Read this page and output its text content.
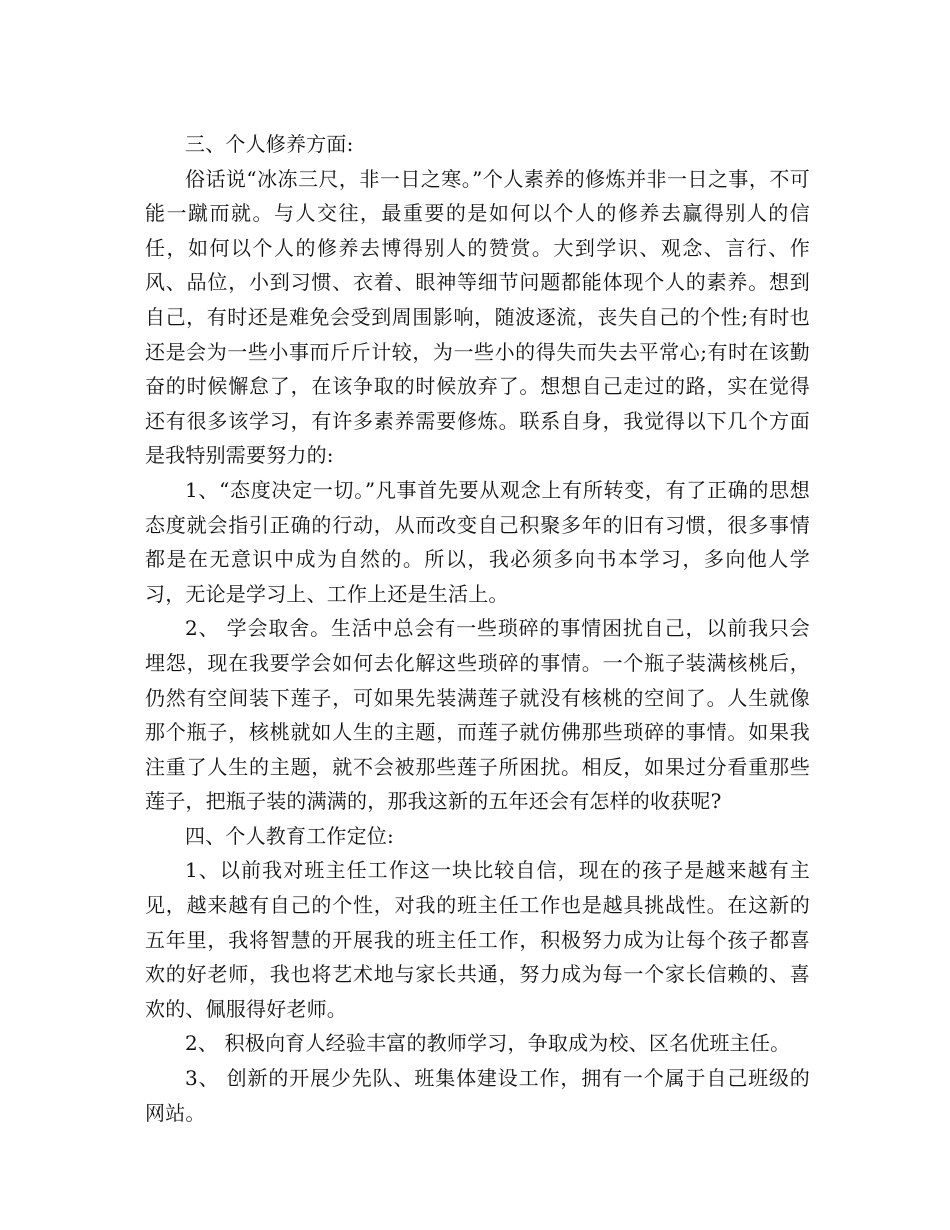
三、个人修养方面:

俗话说“冰冻三尺，非一日之寒。”个人素养的修炼并非一日之事，不可能一蹴而就。与人交往，最重要的是如何以个人的修养去赢得别人的信任，如何以个人的修养去博得别人的赞赏。大到学识、观念、言行、作风、品位，小到习惯、衣着、眼神等细节问题都能体现个人的素养。想到自己，有时还是难免会受到周围影响，随波逐流，丧失自己的个性;有时也还是会为一些小事而斤斤计较，为一些小的得失而失去平常心;有时在该勤奋的时候懈怠了，在该争取的时候放弃了。想想自己走过的路，实在觉得还有很多该学习，有许多素养需要修炼。联系自身，我觉得以下几个方面是我特别需要努力的:

1、“态度决定一切。”凡事首先要从观念上有所转变，有了正确的思想态度就会指引正确的行动，从而改变自己积聚多年的旧有习惯，很多事情都是在无意识中成为自然的。所以，我必须多向书本学习，多向他人学习，无论是学习上、工作上还是生活上。

2、 学会取舍。生活中总会有一些琐碎的事情困扰自己，以前我只会埋怨，现在我要学会如何去化解这些琐碎的事情。一个瓶子装满核桃后，仍然有空间装下莲子，可如果先装满莲子就没有核桃的空间了。人生就像那个瓶子，核桃就如人生的主题，而莲子就仿佛那些琐碎的事情。如果我注重了人生的主题，就不会被那些莲子所困扰。相反，如果过分看重那些莲子，把瓶子装的满满的，那我这新的五年还会有怎样的收获呢?

四、个人教育工作定位:

1、以前我对班主任工作这一块比较自信，现在的孩子是越来越有主见，越来越有自己的个性，对我的班主任工作也是越具挑战性。在这新的五年里，我将智慧的开展我的班主任工作，积极努力成为让每个孩子都喜欢的好老师，我也将艺术地与家长共通，努力成为每一个家长信赖的、喜欢的、佩服得好老师。

2、 积极向育人经验丰富的教师学习，争取成为校、区名优班主任。

3、 创新的开展少先队、班集体建设工作，拥有一个属于自己班级的网站。
